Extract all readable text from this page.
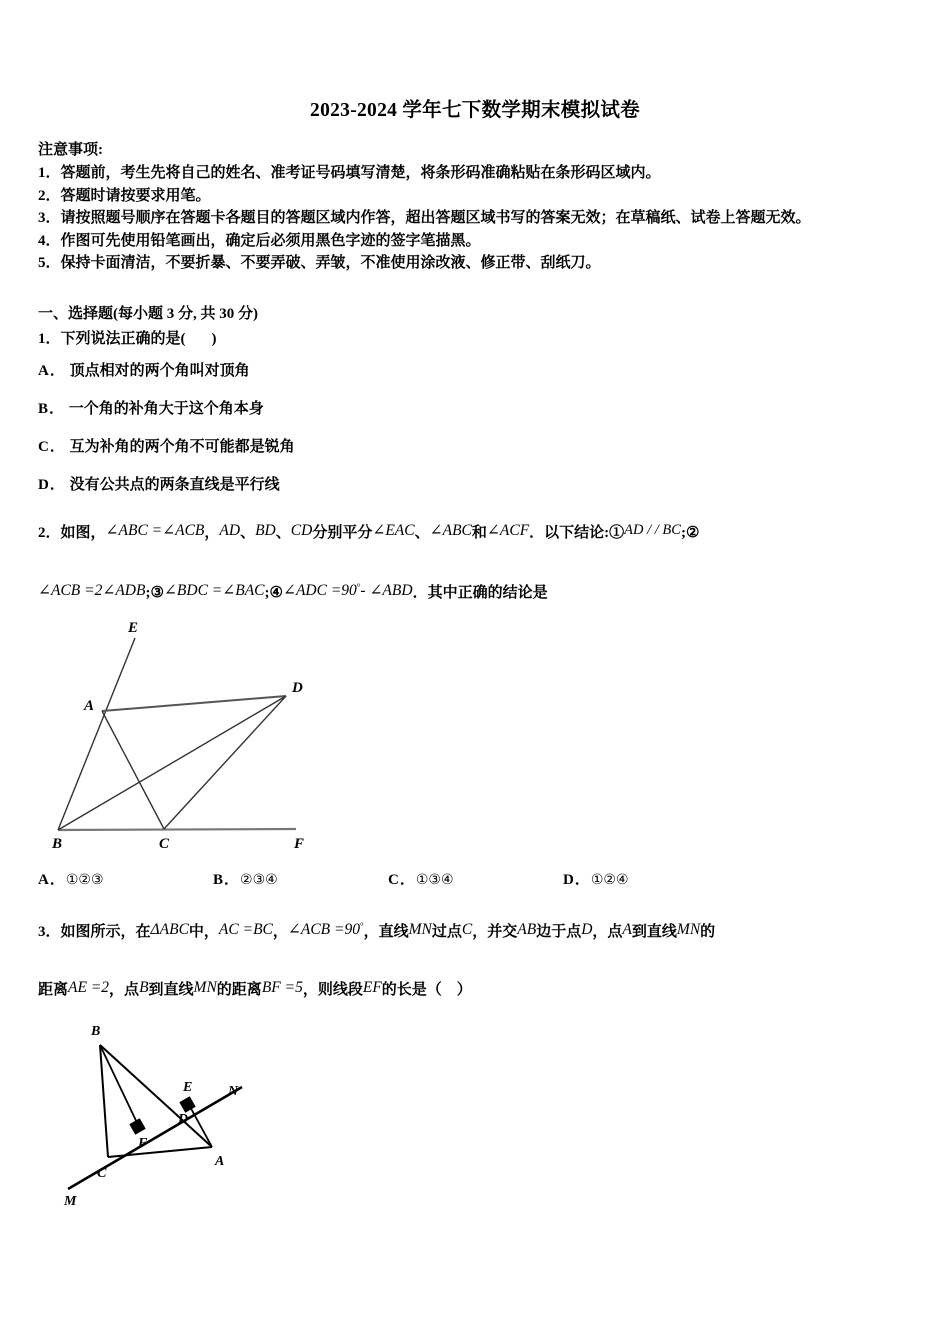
2023-2024 学年七下数学期末模拟试卷
注意事项:
1．答题前，考生先将自己的姓名、准考证号码填写清楚，将条形码准确粘贴在条形码区域内。
2．答题时请按要求用笔。
3．请按照题号顺序在答题卡各题目的答题区域内作答，超出答题区域书写的答案无效；在草稿纸、试卷上答题无效。
4．作图可先使用铅笔画出，确定后必须用黑色字迹的签字笔描黑。
5．保持卡面清洁，不要折暴、不要弄破、弄皱，不准使用涂改液、修正带、刮纸刀。
一、选择题(每小题 3 分, 共 30 分)
1．下列说法正确的是( )
A． 顶点相对的两个角叫对顶角
B． 一个角的补角大于这个角本身
C． 互为补角的两个角不可能都是锐角
D． 没有公共点的两条直线是平行线
2．如图，∠ABC =∠ACB，AD、BD、CD分别平分∠EAC、∠ABC和∠ACF．以下结论:①AD / / BC;②
∠ACB =2∠ADB;③∠BDC =∠BAC;④∠ADC =90°- ∠ABD．其中正确的结论是
E
A
D
B	C	F
A．①②③	B．②③④	C．①③④	D．①②④
3．如图所示，在ΔABC中，AC =BC，∠ACB =90°，直线MN过点C，并交AB边于点D，点A到直线MN的
距离AE =2，点B到直线MN的距离BF =5，则线段EF的长是（　）
B
E	N
F
D
C
A
M
